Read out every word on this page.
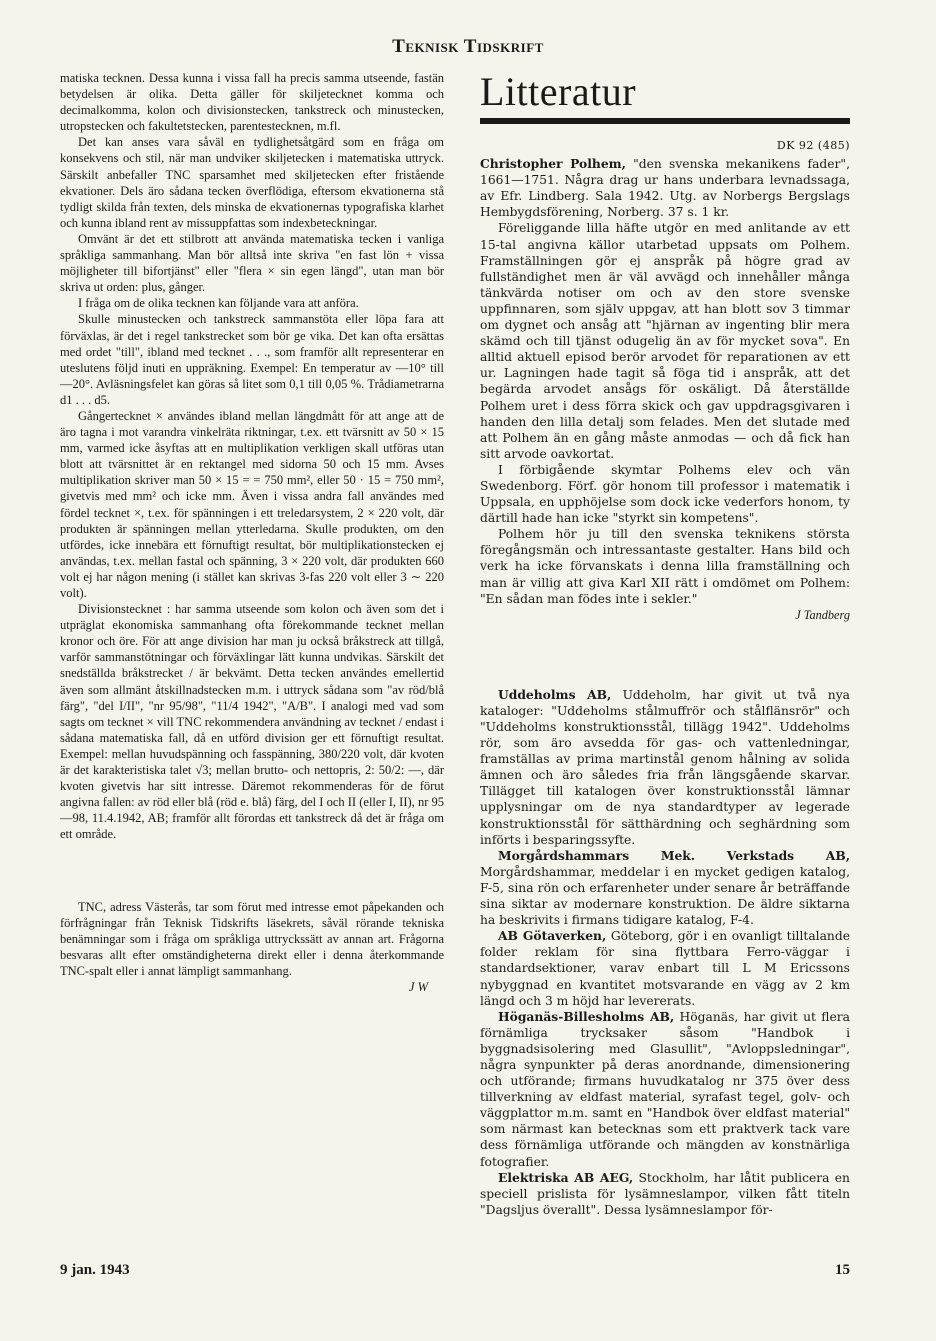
Teknisk Tidskrift

matiska tecknen. Dessa kunna i vissa fall ha precis samma utseende, fastän betydelsen är olika. Detta gäller för skiljetecknet komma och decimalkomma, kolon och divisionstecken, tankstreck och minustecken, utropstecken och fakultetstecken, parentestecknen, m.fl.

Det kan anses vara såväl en tydlighetsåtgärd som en fråga om konsekvens och stil, när man undviker skiljetecken i matematiska uttryck. Särskilt anbefaller TNC sparsamhet med skiljetecken efter fristående ekvationer. Dels äro sådana tecken överflödiga, eftersom ekvationerna stå tydligt skilda från texten, dels minska de ekvationernas typografiska klarhet och kunna ibland rent av missuppfattas som indexbeteckningar.

Omvänt är det ett stilbrott att använda matematiska tecken i vanliga språkliga sammanhang. Man bör alltså inte skriva "en fast lön + vissa möjligheter till bifortjänst" eller "flera × sin egen längd", utan man bör skriva ut orden: plus, gånger.

I fråga om de olika tecknen kan följande vara att anföra.

Skulle minustecken och tankstreck sammanstöta eller löpa fara att förväxlas, är det i regel tankstrecket som bör ge vika. Det kan ofta ersättas med ordet "till", ibland med tecknet . . ., som framför allt representerar en uteslutens följd inuti en uppräkning. Exempel: En temperatur av —10° till —20°. Avläsningsfelet kan göras så litet som 0,1 till 0,05 %. Trådiametrarna d1 . . . d5.

Gångertecknet × användes ibland mellan längdmått för att ange att de äro tagna i mot varandra vinkelräta riktningar, t.ex. ett tvärsnitt av 50 × 15 mm, varmed icke åsyftas att en multiplikation verkligen skall utföras utan blott att tvärsnittet är en rektangel med sidorna 50 och 15 mm. Avses multiplikation skriver man 50 × 15 = = 750 mm², eller 50 · 15 = 750 mm², givetvis med mm² och icke mm. Även i vissa andra fall användes med fördel tecknet ×, t.ex. för spänningen i ett treledarsystem, 2 × 220 volt, där produkten är spänningen mellan ytterledarna. Skulle produkten, om den utfördes, icke innebära ett förnuftigt resultat, bör multiplikationstecken ej användas, t.ex. mellan fastal och spänning, 3 × 220 volt, där produkten 660 volt ej har någon mening (i stället kan skrivas 3-fas 220 volt eller 3 ∼ 220 volt).

Divisionstecknet : har samma utseende som kolon och även som det i utpräglat ekonomiska sammanhang ofta förekommande tecknet mellan kronor och öre. För att ange division har man ju också bråkstreck att tillgå, varför sammanstötningar och förväxlingar lätt kunna undvikas. Särskilt det snedställda bråkstrecket / är bekvämt. Detta tecken användes emellertid även som allmänt åtskillnadstecken m.m. i uttryck sådana som "av röd/blå färg", "del I/II", "nr 95/98", "11/4 1942", "A/B". I analogi med vad som sagts om tecknet × vill TNC rekommendera användning av tecknet / endast i sådana matematiska fall, då en utförd division ger ett förnuftigt resultat. Exempel: mellan huvudspänning och fasspänning, 380/220 volt, där kvoten är det karakteristiska talet √3; mellan brutto- och nettopris, 2: 50/2: —, där kvoten givetvis har sitt intresse. Däremot rekommenderas för de förut angivna fallen: av röd eller blå (röd e. blå) färg, del I och II (eller I, II), nr 95—98, 11.4.1942, AB; framför allt förordas ett tankstreck då det är fråga om ett område.

TNC, adress Västerås, tar som förut med intresse emot påpekanden och förfrågningar från Teknisk Tidskrifts läsekrets, såväl rörande tekniska benämningar som i fråga om språkliga uttryckssätt av annan art. Frågorna besvaras allt efter omständigheterna direkt eller i denna återkommande TNC-spalt eller i annat lämpligt sammanhang.

J W

Litteratur
DK 92 (485)

Christopher Polhem, "den svenska mekanikens fader", 1661—1751. Några drag ur hans underbara levnadssaga, av Efr. Lindberg. Sala 1942. Utg. av Norbergs Bergslags Hembygdsförening, Norberg. 37 s. 1 kr.

Föreliggande lilla häfte utgör en med anlitande av ett 15-tal angivna källor utarbetad uppsats om Polhem. Framställningen gör ej anspråk på högre grad av fullständighet men är väl avvägd och innehåller många tänkvärda notiser om och av den store svenske uppfinnaren, som själv uppgav, att han blott sov 3 timmar om dygnet och ansåg att "hjärnan av ingenting blir mera skämd och till tjänst odugelig än av för mycket sova". En alltid aktuell episod berör arvodet för reparationen av ett ur. Lagningen hade tagit så föga tid i anspråk, att det begärda arvodet ansågs för oskäligt. Då återställde Polhem uret i dess förra skick och gav uppdragsgivaren i handen den lilla detalj som felades. Men det slutade med att Polhem än en gång måste anmodas — och då fick han sitt arvode oavkortat.

I förbigående skymtar Polhems elev och vän Swedenborg. Förf. gör honom till professor i matematik i Uppsala, en upphöjelse som dock icke vederfors honom, ty därtill hade han icke "styrkt sin kompetens".

Polhem hör ju till den svenska teknikens största föregångsmän och intressantaste gestalter. Hans bild och verk ha icke förvanskats i denna lilla framställning och man är villig att giva Karl XII rätt i omdömet om Polhem: "En sådan man födes inte i sekler."

J Tandberg

Uddeholms AB, Uddeholm, har givit ut två nya kataloger: "Uddeholms stålmuffrör och stålflänsrör" och "Uddeholms konstruktionsstål, tillägg 1942". Uddeholms rör, som äro avsedda för gas- och vattenledningar, framställas av prima martinstål genom hålning av solida ämnen och äro således fria från längsgående skarvar. Tillägget till katalogen över konstruktionsstål lämnar upplysningar om de nya standardtyper av legerade konstruktionsstål för sätthärdning och seghärdning som införts i besparingssyfte.

Morgårdshammars Mek. Verkstads AB, Morgårdshammar, meddelar i en mycket gedigen katalog, F-5, sina rön och erfarenheter under senare år beträffande sina siktar av modernare konstruktion. De äldre siktarna ha beskrivits i firmans tidigare katalog, F-4.

AB Götaverken, Göteborg, gör i en ovanligt tilltalande folder reklam för sina flyttbara Ferro-väggar i standardsektioner, varav enbart till L M Ericssons nybyggnad en kvantitet motsvarande en vägg av 2 km längd och 3 m höjd har levererats.

Höganäs-Billesholms AB, Höganäs, har givit ut flera förnämliga trycksaker såsom "Handbok i byggnadsisolering med Glasullit", "Avloppsledningar", några synpunkter på deras anordnande, dimensionering och utförande; firmans huvudkatalog nr 375 över dess tillverkning av eldfast material, syrafast tegel, golv- och väggplattor m.m. samt en "Handbok över eldfast material" som närmast kan betecknas som ett praktverk tack vare dess förnämliga utförande och mängden av konstnärliga fotografier.

Elektriska AB AEG, Stockholm, har låtit publicera en speciell prislista för lysämneslampor, vilken fått titeln "Dagsljus överallt". Dessa lysämneslampor för-

9 jan. 1943	15
